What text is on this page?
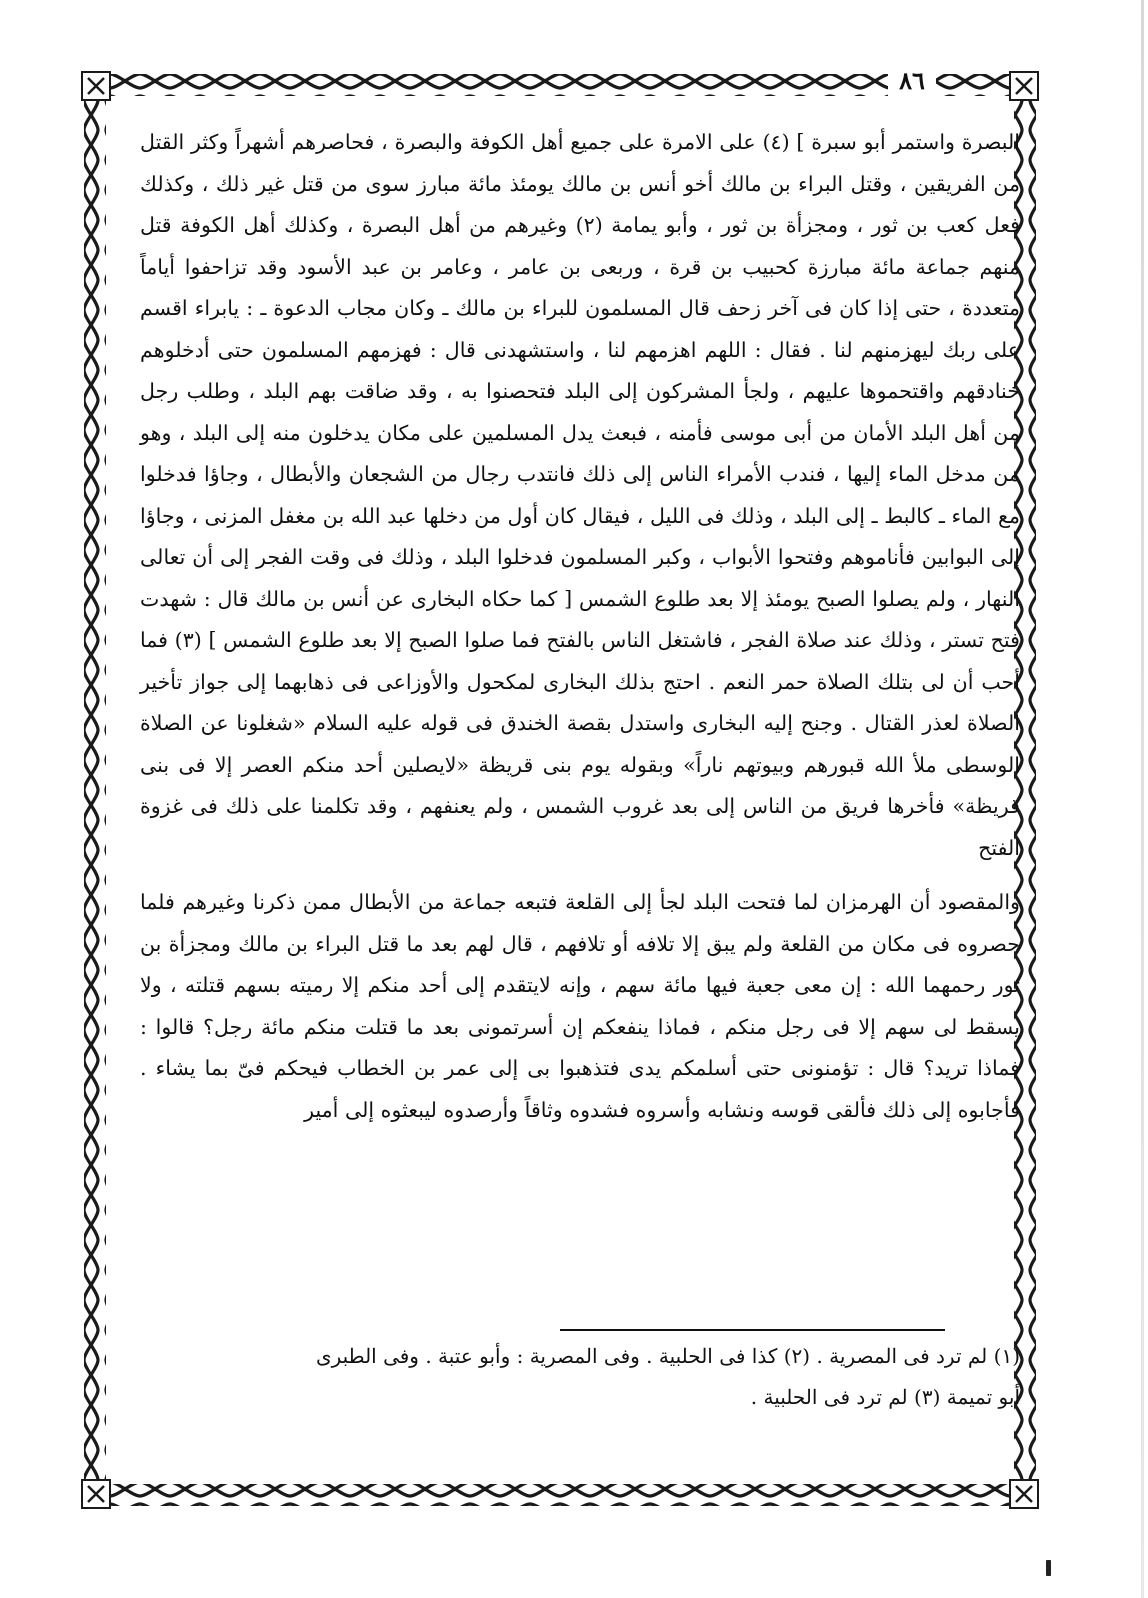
٨٦

البصرة واستمر أبو سبرة ] (٤) على الامرة على جميع أهل الكوفة والبصرة ، فحاصرهم أشهراً وكثر القتل من الفريقين ، وقتل البراء بن مالك أخو أنس بن مالك يومئذ مائة مبارز سوى من قتل غير ذلك ، وكذلك فعل كعب بن ثور ، ومجزأة بن ثور ، وأبو يمامة (٢) وغيرهم من أهل البصرة ، وكذلك أهل الكوفة قتل منهم جماعة مائة مبارزة كحبيب بن قرة ، وربعى بن عامر ، وعامر بن عبد الأسود وقد تزاحفوا أياماً متعددة ، حتى إذا كان فى آخر زحف قال المسلمون للبراء بن مالك ـ وكان مجاب الدعوة ـ : يابراء اقسم على ربك ليهزمنهم لنا . فقال : اللهم اهزمهم لنا ، واستشهدنى قال : فهزمهم المسلمون حتى أدخلوهم خنادقهم واقتحموها عليهم ، ولجأ المشركون إلى البلد فتحصنوا به ، وقد ضاقت بهم البلد ، وطلب رجل من أهل البلد الأمان من أبى موسى فأمنه ، فبعث يدل المسلمين على مكان يدخلون منه إلى البلد ، وهو من مدخل الماء إليها ، فندب الأمراء الناس إلى ذلك فانتدب رجال من الشجعان والأبطال ، وجاؤا فدخلوا مع الماء ـ كالبط ـ إلى البلد ، وذلك فى الليل ، فيقال كان أول من دخلها عبد الله بن مغفل المزنى ، وجاؤا إلى البوابين فأناموهم وفتحوا الأبواب ، وكبر المسلمون فدخلوا البلد ، وذلك فى وقت الفجر إلى أن تعالى النهار ، ولم يصلوا الصبح يومئذ إلا بعد طلوع الشمس [ كما حكاه البخارى عن أنس بن مالك قال : شهدت فتح تستر ، وذلك عند صلاة الفجر ، فاشتغل الناس بالفتح فما صلوا الصبح إلا بعد طلوع الشمس ] (٣) فما أحب أن لى بتلك الصلاة حمر النعم . احتج بذلك البخارى لمكحول والأوزاعى فى ذهابهما إلى جواز تأخير الصلاة لعذر القتال . وجنح إليه البخارى واستدل بقصة الخندق فى قوله عليه السلام «شغلونا عن الصلاة الوسطى ملأ الله قبورهم وبيوتهم ناراً» وبقوله يوم بنى قريظة «لايصلين أحد منكم العصر إلا فى بنى قريظة» فأخرها فريق من الناس إلى بعد غروب الشمس ، ولم يعنفهم ، وقد تكلمنا على ذلك فى غزوة الفتح

والمقصود أن الهرمزان لما فتحت البلد لجأ إلى القلعة فتبعه جماعة من الأبطال ممن ذكرنا وغيرهم فلما حصروه فى مكان من القلعة ولم يبق إلا تلافه أو تلافهم ، قال لهم بعد ما قتل البراء بن مالك ومجزأة بن ثور رحمهما الله : إن معى جعبة فيها مائة سهم ، وإنه لايتقدم إلى أحد منكم إلا رميته بسهم قتلته ، ولا يسقط لى سهم إلا فى رجل منكم ، فماذا ينفعكم إن أسرتمونى بعد ما قتلت منكم مائة رجل؟ قالوا : فماذا تريد؟ قال : تؤمنونى حتى أسلمكم يدى فتذهبوا بى إلى عمر بن الخطاب فيحكم فىّ بما يشاء . فأجابوه إلى ذلك فألقى قوسه ونشابه وأسروه فشدوه وثاقاً وأرصدوه ليبعثوه إلى أمير

(١) لم ترد فى المصرية . (٢) كذا فى الحلبية . وفى المصرية : وأبو عتبة . وفى الطبرى
أبو تميمة (٣) لم ترد فى الحلبية .
